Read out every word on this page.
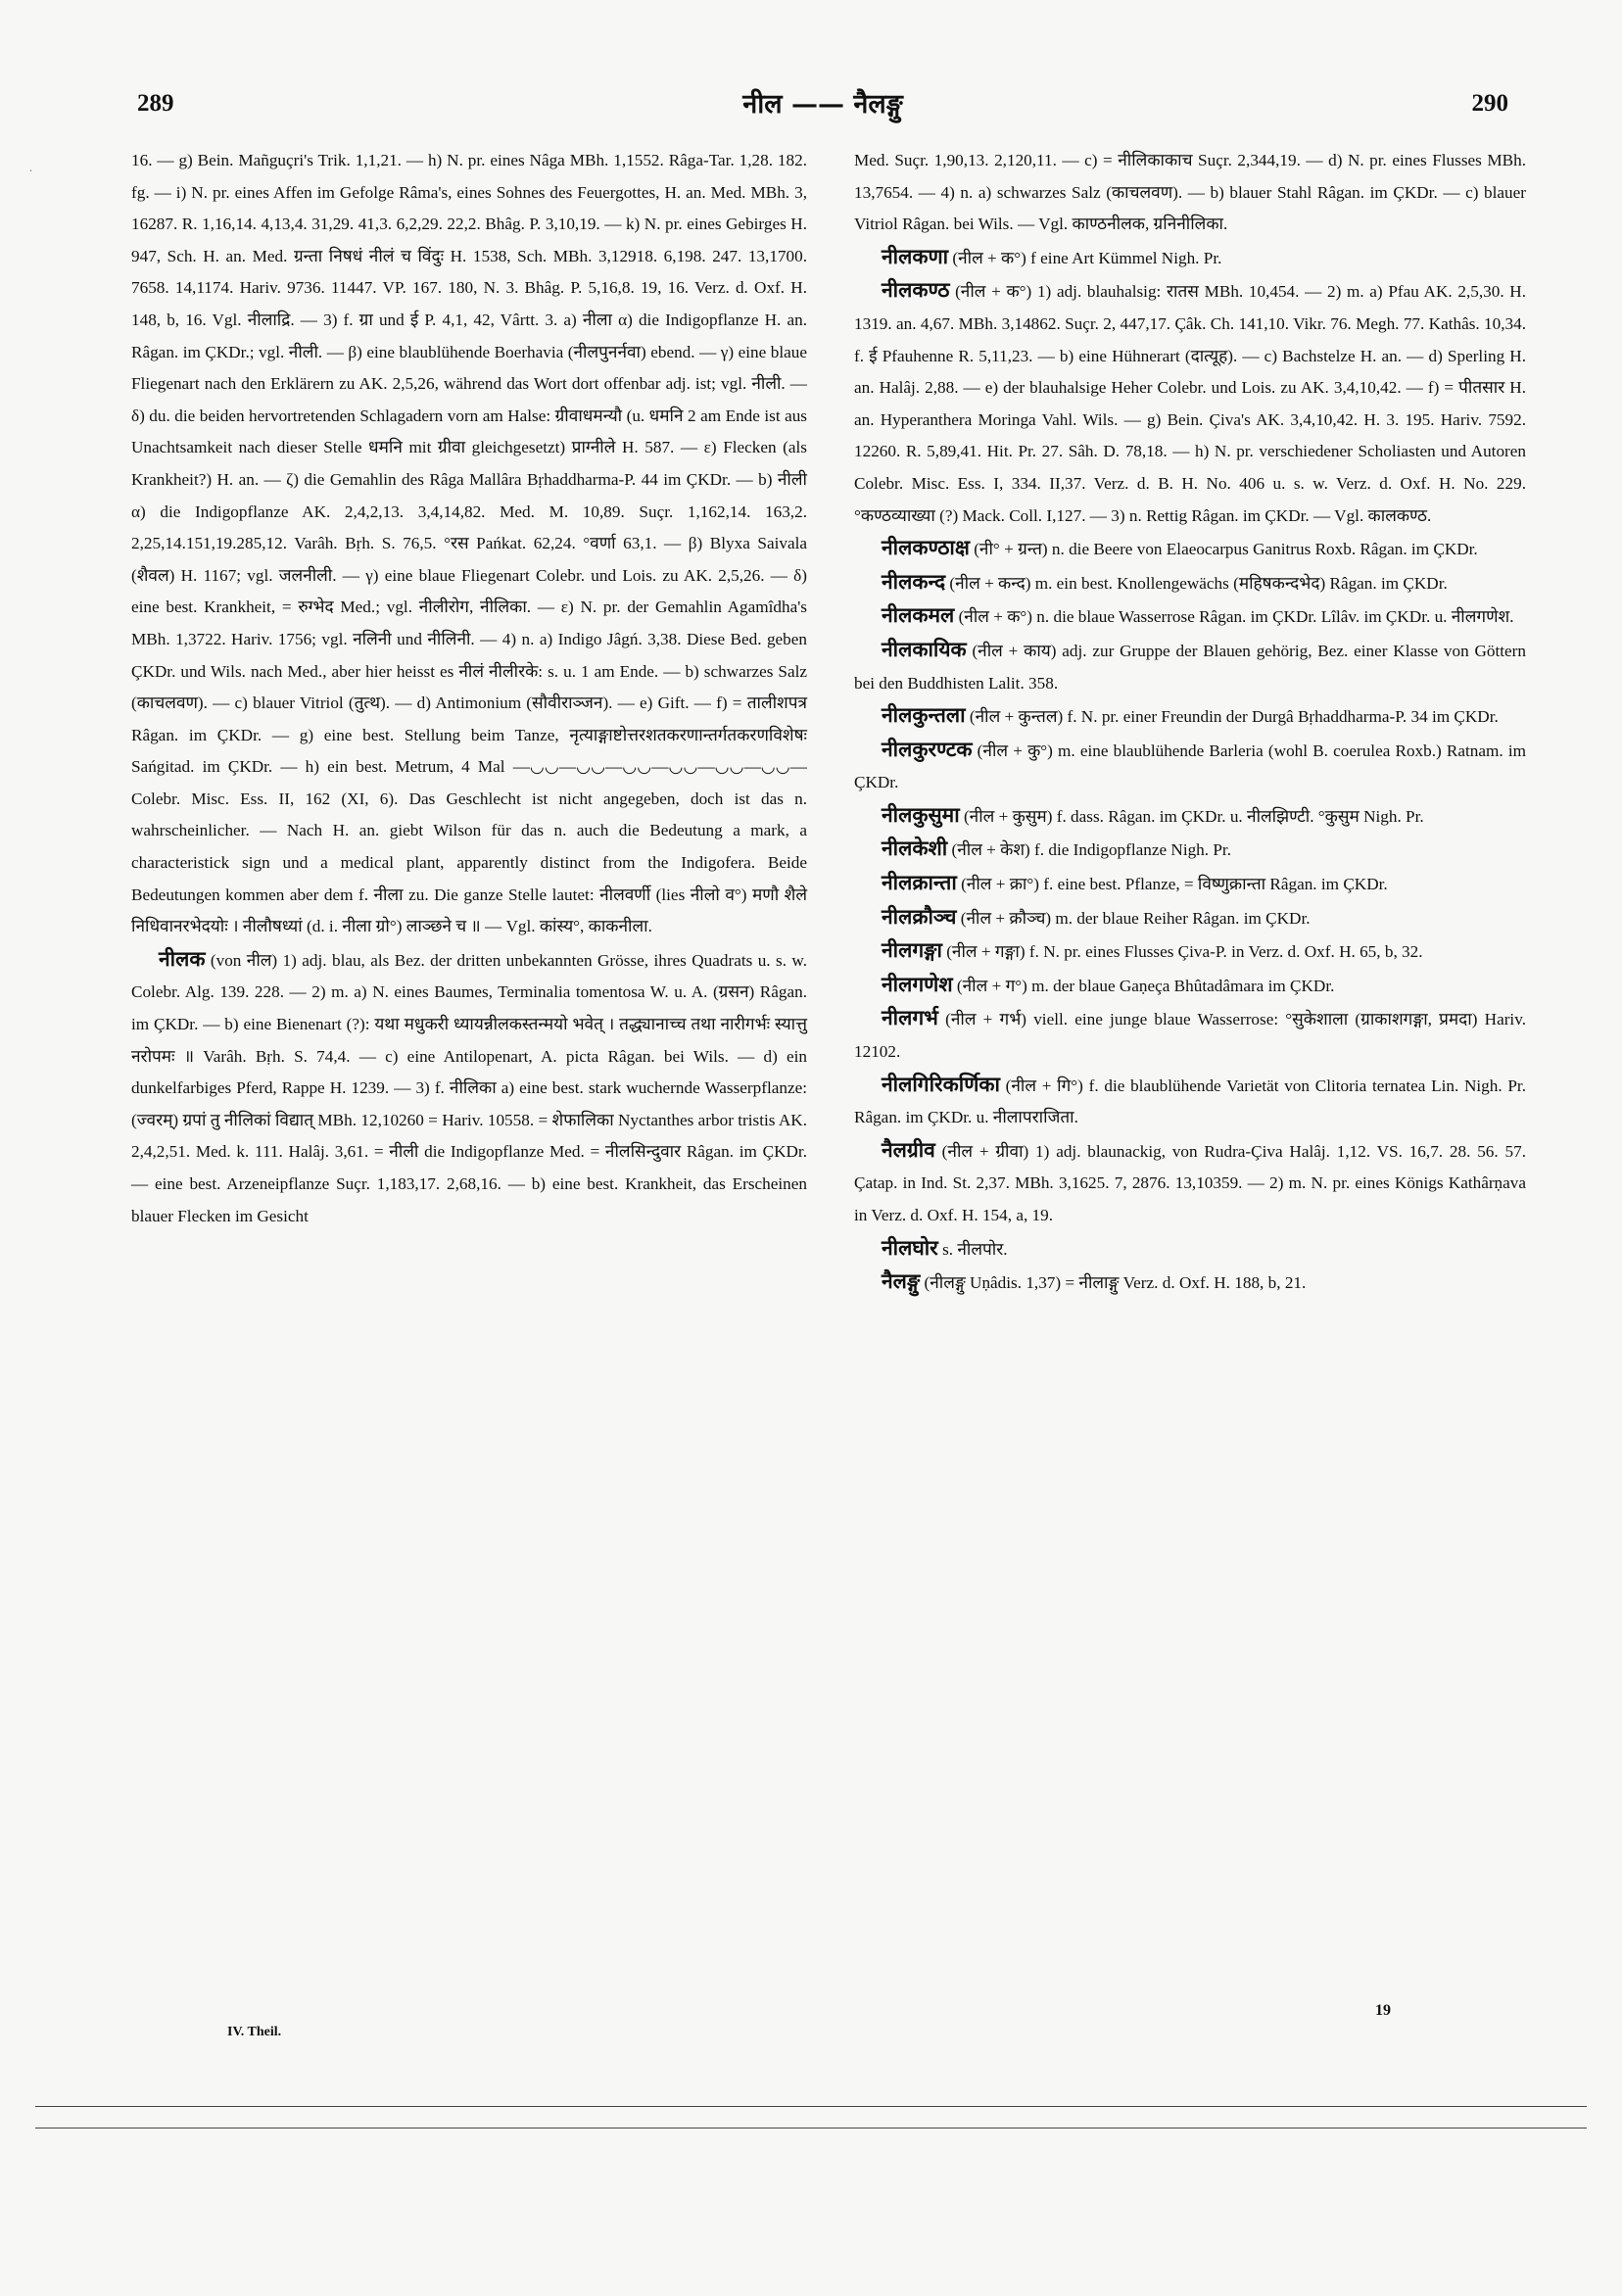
˙
289	नील —— नैलङ्गु	290

16. — g) Bein. Mañguçri's Trik. 1,1,21. — h) N. pr. eines Nâga MBh. 1,1552. Râga-Tar. 1,28. 182. fg. — i) N. pr. eines Affen im Gefolge Râma's, eines Sohnes des Feuergottes, H. an. Med. MBh. 3, 16287. R. 1,16,14. 4,13,4. 31,29. 41,3. 6,2,29. 22,2. Bhâg. P. 3,10,19. — k) N. pr. eines Gebirges H. 947, Sch. H. an. Med. ग्रन्ता निषधं नीलं च विंदुः H. 1538, Sch. MBh. 3,12918. 6,198. 247. 13,1700. 7658. 14,1174. Hariv. 9736. 11447. VP. 167. 180, N. 3. Bhâg. P. 5,16,8. 19, 16. Verz. d. Oxf. H. 148, b, 16. Vgl. नीलाद्रि. — 3) f. ग्रा und ई P. 4,1, 42, Vârtt. 3. a) नीला α) die Indigopflanze H. an. Râgan. im ÇKDr.; vgl. नीली. — β) eine blaublühende Boerhavia (नीलपुनर्नवा) ebend. — γ) eine blaue Fliegenart nach den Erklärern zu AK. 2,5,26, während das Wort dort offenbar adj. ist; vgl. नीली. — δ) du. die beiden hervortretenden Schlagadern vorn am Halse: ग्रीवाधमन्यौ (u. धमनि 2 am Ende ist aus Unachtsamkeit nach dieser Stelle धमनि mit ग्रीवा gleichgesetzt) प्राग्नीले H. 587. — ε) Flecken (als Krankheit?) H. an. — ζ) die Gemahlin des Râga Mallâra Bṛhaddharma-P. 44 im ÇKDr. — b) नीली α) die Indigopflanze AK. 2,4,2,13. 3,4,14,82. Med. M. 10,89. Suçr. 1,162,14. 163,2. 2,25,14.151,19.285,12. Varâh. Bṛh. S. 76,5. °रस Pańkat. 62,24. °वर्णा 63,1. — β) Blyxa Saivala (शैवल) H. 1167; vgl. जलनीली. — γ) eine blaue Fliegenart Colebr. und Lois. zu AK. 2,5,26. — δ) eine best. Krankheit, = रुग्भेद Med.; vgl. नीलीरोग, नीलिका. — ε) N. pr. der Gemahlin Agamîdha's MBh. 1,3722. Hariv. 1756; vgl. नलिनी und नीलिनी. — 4) n. a) Indigo Jâgń. 3,38. Diese Bed. geben ÇKDr. und Wils. nach Med., aber hier heisst es नीलं नीलीरके: s. u. 1 am Ende. — b) schwarzes Salz (काचलवण). — c) blauer Vitriol (तुत्थ). — d) Antimonium (सौवीराञ्जन). — e) Gift. — f) = तालीशपत्र Râgan. im ÇKDr. — g) eine best. Stellung beim Tanze, नृत्याङ्गाष्टोत्तरशतकरणान्तर्गतकरणविशेषः Sańgitad. im ÇKDr. — h) ein best. Metrum, 4 Mal —◡◡—◡◡—◡◡—◡◡—◡◡—◡◡— Colebr. Misc. Ess. II, 162 (XI, 6). Das Geschlecht ist nicht angegeben, doch ist das n. wahrscheinlicher. — Nach H. an. giebt Wilson für das n. auch die Bedeutung a mark, a characteristick sign und a medical plant, apparently distinct from the Indigofera. Beide Bedeutungen kommen aber dem f. नीला zu. Die ganze Stelle lautet: नीलवर्णी (lies नीलो व°) मणौ शैले निधिवानरभेदयोः । नीलौषध्यां (d. i. नीला ग्रो°) लाञ्छने च ॥ — Vgl. कांस्य°, काकनीला.

नीलक (von नील) 1) adj. blau, als Bez. der dritten unbekannten Grösse, ihres Quadrats u. s. w. Colebr. Alg. 139. 228. — 2) m. a) N. eines Baumes, Terminalia tomentosa W. u. A. (ग्रसन) Râgan. im ÇKDr. — b) eine Bienenart (?): यथा मधुकरी ध्यायन्नीलकस्तन्मयो भवेत् । तद्ध्यानाच्च तथा नारीगर्भः स्यात्तु नरोपमः ॥ Varâh. Bṛh. S. 74,4. — c) eine Antilopenart, A. picta Râgan. bei Wils. — d) ein dunkelfarbiges Pferd, Rappe H. 1239. — 3) f. नीलिका a) eine best. stark wuchernde Wasserpflanze: (ज्वरम्) ग्रपां तु नीलिकां विद्यात् MBh. 12,10260 = Hariv. 10558. = शेफालिका Nyctanthes arbor tristis AK. 2,4,2,51. Med. k. 111. Halâj. 3,61. = नीली die Indigopflanze Med. = नीलसिन्दुवार Râgan. im ÇKDr. — eine best. Arzeneipflanze Suçr. 1,183,17. 2,68,16. — b) eine best. Krankheit, das Erscheinen blauer Flecken im Gesicht

Med. Suçr. 1,90,13. 2,120,11. — c) = नीलिकाकाच Suçr. 2,344,19. — d) N. pr. eines Flusses MBh. 13,7654. — 4) n. a) schwarzes Salz (काचलवण). — b) blauer Stahl Râgan. im ÇKDr. — c) blauer Vitriol Râgan. bei Wils. — Vgl. काण्ठनीलक, ग्रनिनीलिका.

नीलकणा (नील + क°) f eine Art Kümmel Nigh. Pr.

नीलकण्ठ (नील + क°) 1) adj. blauhalsig: रातस MBh. 10,454. — 2) m. a) Pfau AK. 2,5,30. H. 1319. an. 4,67. MBh. 3,14862. Suçr. 2, 447,17. Çâk. Ch. 141,10. Vikr. 76. Megh. 77. Kathâs. 10,34. f. ई Pfauhenne R. 5,11,23. — b) eine Hühnerart (दात्यूह). — c) Bachstelze H. an. — d) Sperling H. an. Halâj. 2,88. — e) der blauhalsige Heher Colebr. und Lois. zu AK. 3,4,10,42. — f) = पीतसार H. an. Hyperanthera Moringa Vahl. Wils. — g) Bein. Çiva's AK. 3,4,10,42. H. 3. 195. Hariv. 7592. 12260. R. 5,89,41. Hit. Pr. 27. Sâh. D. 78,18. — h) N. pr. verschiedener Scholiasten und Autoren Colebr. Misc. Ess. I, 334. II,37. Verz. d. B. H. No. 406 u. s. w. Verz. d. Oxf. H. No. 229. °कण्ठव्याख्या (?) Mack. Coll. I,127. — 3) n. Rettig Râgan. im ÇKDr. — Vgl. कालकण्ठ.

नीलकण्ठाक्ष (नी° + ग्रन्त) n. die Beere von Elaeocarpus Ganitrus Roxb. Râgan. im ÇKDr.

नीलकन्द (नील + कन्द) m. ein best. Knollengewächs (महिषकन्दभेद) Râgan. im ÇKDr.

नीलकमल (नील + क°) n. die blaue Wasserrose Râgan. im ÇKDr. Lîlâv. im ÇKDr. u. नीलगणेश.

नीलकायिक (नील + काय) adj. zur Gruppe der Blauen gehörig, Bez. einer Klasse von Göttern bei den Buddhisten Lalit. 358.

नीलकुन्तला (नील + कुन्तल) f. N. pr. einer Freundin der Durgâ Bṛhaddharma-P. 34 im ÇKDr.

नीलकुरण्टक (नील + कु°) m. eine blaublühende Barleria (wohl B. coerulea Roxb.) Ratnam. im ÇKDr.

नीलकुसुमा (नील + कुसुम) f. dass. Râgan. im ÇKDr. u. नीलझिण्टी. °कुसुम Nigh. Pr.

नीलकेशी (नील + केश) f. die Indigopflanze Nigh. Pr.

नीलक्रान्ता (नील + क्रा°) f. eine best. Pflanze, = विष्णुक्रान्ता Râgan. im ÇKDr.

नीलक्रौञ्च (नील + क्रौञ्च) m. der blaue Reiher Râgan. im ÇKDr.

नीलगङ्गा (नील + गङ्गा) f. N. pr. eines Flusses Çiva-P. in Verz. d. Oxf. H. 65, b, 32.

नीलगणेश (नील + ग°) m. der blaue Gaṇeça Bhûtadâmara im ÇKDr.

नीलगर्भ (नील + गर्भ) viell. eine junge blaue Wasserrose: °सुकेशाला (ग्राकाशगङ्गा, प्रमदा) Hariv. 12102.

नीलगिरिकर्णिका (नील + गि°) f. die blaublühende Varietät von Clitoria ternatea Lin. Nigh. Pr. Râgan. im ÇKDr. u. नीलापराजिता.

नैलग्रीव (नील + ग्रीवा) 1) adj. blaunackig, von Rudra-Çiva Halâj. 1,12. VS. 16,7. 28. 56. 57. Çatap. in Ind. St. 2,37. MBh. 3,1625. 7, 2876. 13,10359. — 2) m. N. pr. eines Königs Kathârṇava in Verz. d. Oxf. H. 154, a, 19.

नीलघोर s. नीलपोर.

नैलङ्गु (नीलङ्गु Uṇâdis. 1,37) = नीलाङ्गु Verz. d. Oxf. H. 188, b, 21.

IV. Theil.
19
